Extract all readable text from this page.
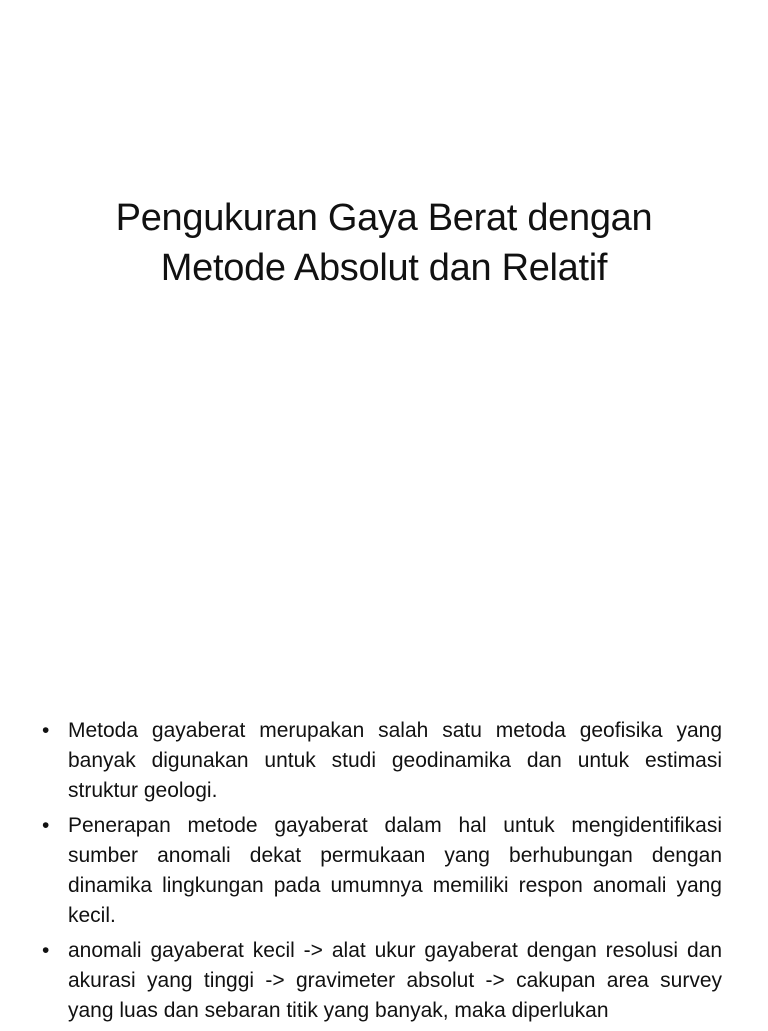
Pengukuran Gaya Berat dengan
Metode Absolut dan Relatif
• Metoda gayaberat merupakan salah satu metoda geofisika yang banyak digunakan untuk studi geodinamika dan untuk estimasi struktur geologi.
• Penerapan metode gayaberat dalam hal untuk mengidentifikasi sumber anomali dekat permukaan yang berhubungan dengan dinamika lingkungan pada umumnya memiliki respon anomali yang kecil.
• anomali gayaberat kecil -> alat ukur gayaberat dengan resolusi dan akurasi yang tinggi -> gravimeter absolut -> cakupan area survey yang luas dan sebaran titik yang banyak, maka diperlukan
